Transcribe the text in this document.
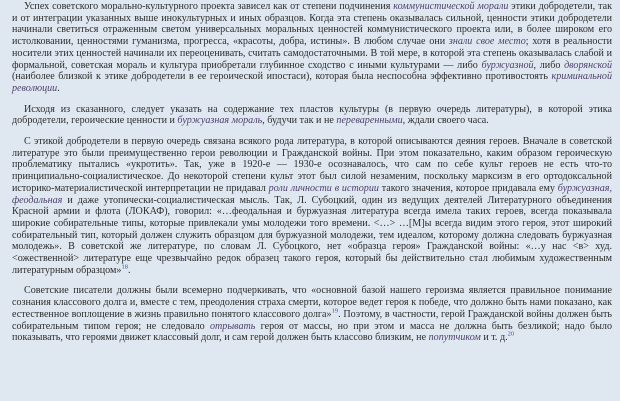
Успех советского морально-культурного проекта зависел как от степени подчинения коммунистической морали этики добродетели, так и от интеграции указанных выше инокультурных и иных образцов. Когда эта степень оказывалась сильной, ценности этики добродетели начинали светиться отраженным светом универсальных моральных ценностей коммунистического проекта или, в более широком его истолковании, ценностями гуманизма, прогресса, «красоты, добра, истины». В любом случае они знали свое место; хотя в реальности носители этих ценностей начинали их переоценивать, считать самодостаточными. В той мере, в которой эта степень оказывалась слабой и формальной, советская мораль и культура приобретали глубинное сходство с иными культурами — либо буржуазной, либо дворянской (наиболее близкой к этике добродетели в ее героической ипостаси), которая была неспособна эффективно противостоять криминальной революции.

Исходя из сказанного, следует указать на содержание тех пластов культуры (в первую очередь литературы), в которой этика добродетели, героические ценности и буржуазная мораль, будучи так и не переваренными, ждали своего часа.

С этикой добродетели в первую очередь связана всякого рода литература, в которой описываются деяния героев. Вначале в советской литературе это были преимущественно герои революции и Гражданской войны. При этом показательно, каким образом героическую проблематику пытались «укротить». Так, уже в 1920-е — 1930-е осознавалось, что сам по себе культ героев не есть что-то принципиально-социалистическое. До некоторой степени культ этот был силой незаменим, поскольку марксизм в его ортодоксальной историко-материалистической интерпретации не придавал роли личности в истории такого значения, которое придавала ему буржуазная, феодальная и даже утопически-социалистическая мысль. Так, Л. Субоцкий, один из ведущих деятелей Литературного объединения Красной армии и флота (ЛОКАФ), говорил: «…феодальная и буржуазная литература всегда имела таких героев, всегда показывала широкие собирательные типы, которые привлекали умы молодежи того времени. <…> …[М]ы всегда видим этого героя, этот широкий собирательный тип, который должен служить образцом для буржуазной молодежи, тем идеалом, которому должна следовать буржуазная молодежь». В советской же литературе, по словам Л. Субоцкого, нет «образца героя» Гражданской войны: «…у нас <в> худ.<ожественной> литературе еще чрезвычайно редок образец такого героя, который бы действительно стал любимым художественным литературным образцом»$^{18}$.

Советские писатели должны были всемерно подчеркивать, что «основной базой нашего героизма является правильное понимание сознания классового долга и, вместе с тем, преодоления страха смерти, которое ведет героя к победе, что должно быть нами показано, как естественное воплощение в жизнь правильно понятого классового долга»$^{19}$. Поэтому, в частности, герой Гражданской войны должен быть собирательным типом героя; не следовало отрывать героя от массы, но при этом и масса не должна быть безликой; надо было показывать, что героями движет классовый долг, и сам герой должен быть классово близким, не попутчиком и т. д.$^{20}$
